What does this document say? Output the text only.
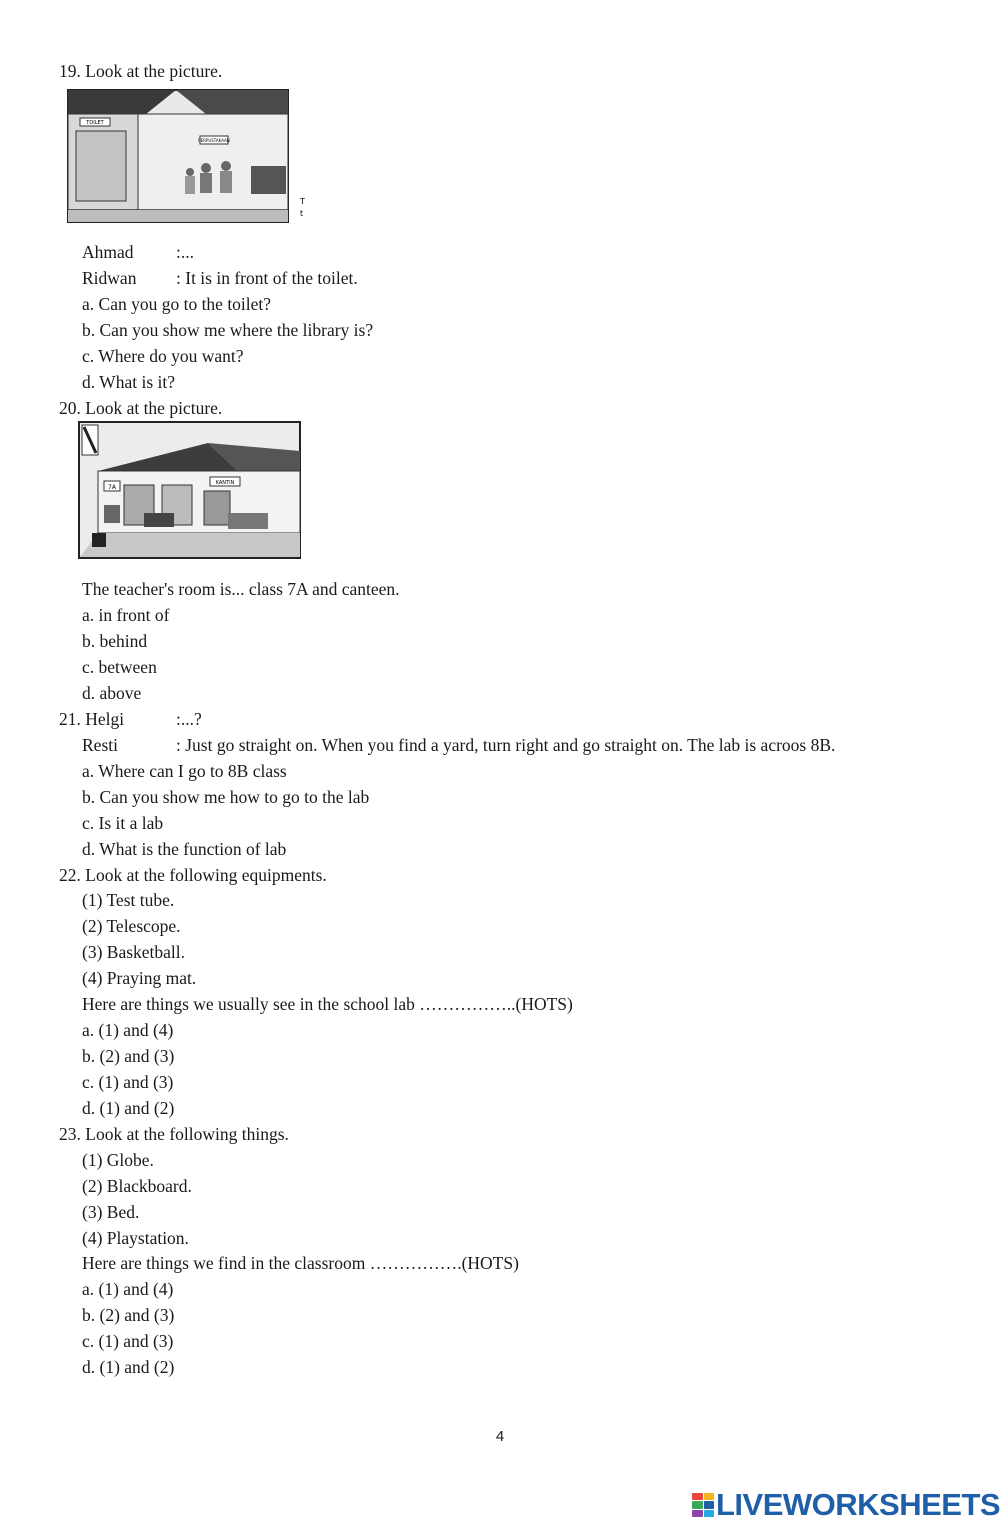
19. Look at the picture.
TOILET
PERPUSTAKAAN
T
t
Ahmad :...
Ridwan : It is in front of the toilet.
a. Can you go to the toilet?
b. Can you show me where the library is?
c. Where do you want?
d. What is it?
20. Look at the picture.
7A
KANTIN
The teacher's room is... class 7A and canteen.
a. in front of
b. behind
c. between
d. above
21. Helgi	:...?
Resti	: Just go straight on. When you find a yard, turn right and go straight on. The lab is acroos 8B.
a. Where can I go to 8B class
b. Can you show me how to go to the lab
c. Is it a lab
d. What is the function of lab
22. Look at the following equipments.
(1) Test tube.
(2) Telescope.
(3) Basketball.
(4) Praying mat.
Here are things we usually see in the school lab ……………..(HOTS)
a. (1) and (4)
b. (2) and (3)
c. (1) and (3)
d. (1) and (2)
23. Look at the following things.
(1) Globe.
(2) Blackboard.
(3) Bed.
(4) Playstation.
Here are things we find in the classroom …………….(HOTS)
a. (1) and (4)
b. (2) and (3)
c. (1) and (3)
d. (1) and (2)
4
LIVEWORKSHEETS
